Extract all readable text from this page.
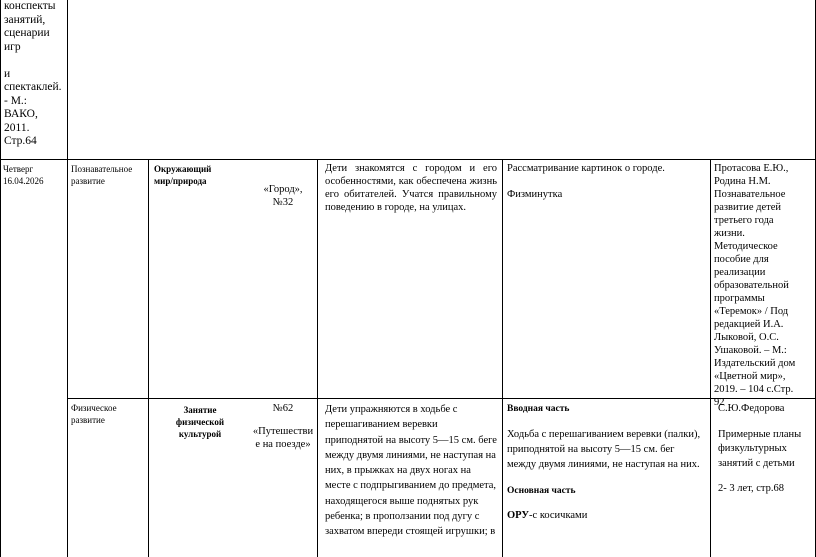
конспекты
занятий,
сценарии
игр

и
спектаклей.
- М.:
ВАКО,
2011.
Стр.64
Четверг
16.04.2026
Познавательное
развитие
Окружающий
мир/природа
«Город»,
№32
Дети знакомятся с городом и его особенностями, как обеспечена жизнь его обитателей. Учатся правильному поведению в городе, на улицах.
Рассматривание картинок о городе.
Физминутка
Протасова Е.Ю.,
Родина Н.М.
Познавательное
развитие детей
третьего года
жизни.
Методическое
пособие для
реализации
образовательной
программы
«Теремок» / Под
редакцией И.А.
Лыковой, О.С.
Ушаковой. – М.:
Издательский дом
«Цветной мир»,
2019. – 104 с.Стр.
92
Физическое
развитие
Занятие
физической
культурой
№62
«Путешестви
е на поезде»
Дети упражняются в ходьбе с перешагиванием веревки приподнятой на высоту 5—15 см. беге между двумя линиями, не наступая на них, в прыжках на двух ногах на месте с подпрыгиванием до предмета, находящегося выше поднятых рук ребенка; в проползании под дугу с захватом впереди стоящей игрушки; в
Вводная часть
Ходьба с перешагиванием веревки (палки), приподнятой на высоту 5—15 см. бег между двумя линиями, не наступая на них.
Основная часть
ОРУ-с косичками
С.Ю.Федорова
Примерные планы физкультурных занятий с детьми
2- 3 лет, стр.68
